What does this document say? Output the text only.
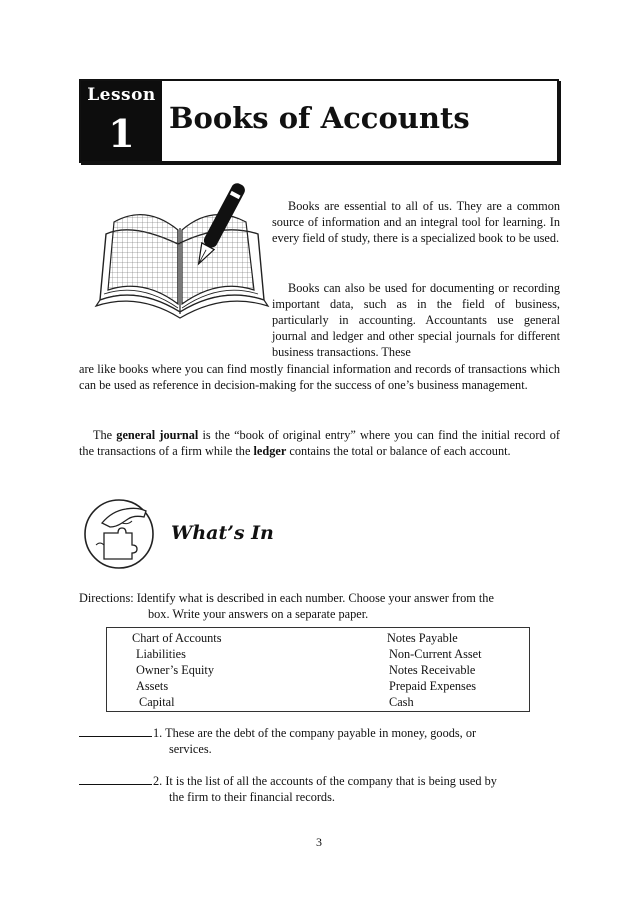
Lesson
1	Books of Accounts
Books are essential to all of us. They are a common source of information and an integral tool for learning. In every field of study, there is a specialized book to be used.
Books can also be used for documenting or recording important data, such as in the field of business, particularly in accounting. Accountants use general journal and ledger and other special journals for different business transactions. These
are like books where you can find mostly financial information and records of transactions which can be used as reference in decision-making for the success of one’s business management.
The general journal is the “book of original entry” where you can find the initial record of the transactions of a firm while the ledger contains the total or balance of each account.
What’s In
Directions: Identify what is described in each number. Choose your answer from the
box. Write your answers on a separate paper.
Chart of Accounts
Liabilities
Owner’s Equity
Assets
Capital
Notes Payable
Non-Current Asset
Notes Receivable
Prepaid Expenses
Cash
1. These are the debt of the company payable in money, goods, or
services.
2. It is the list of all the accounts of the company that is being used by
the firm to their financial records.
3
